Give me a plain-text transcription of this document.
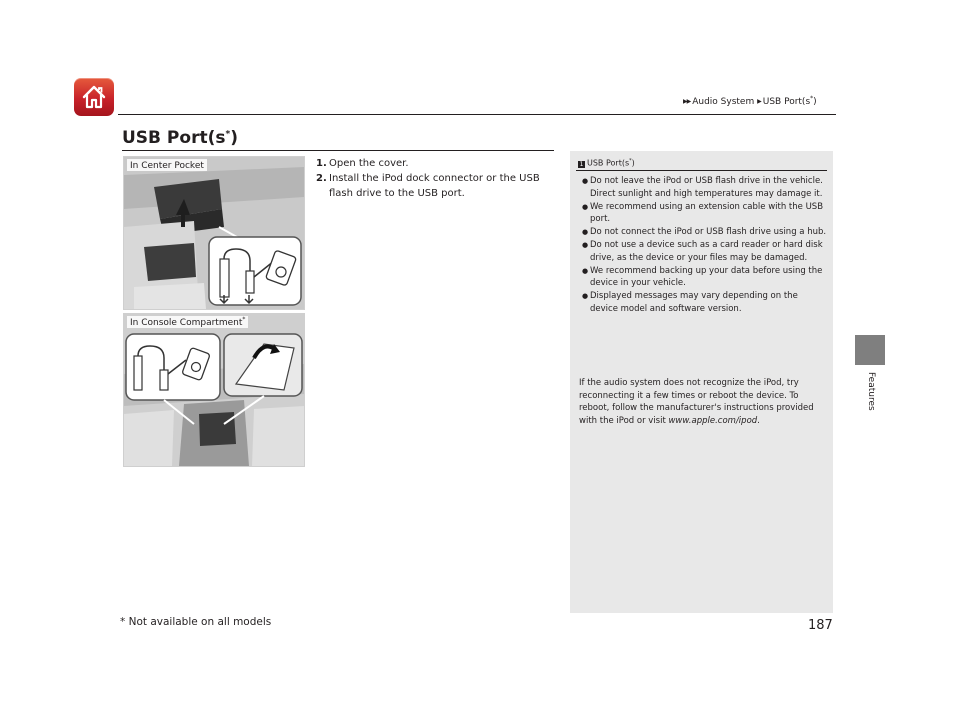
▶▶ Audio System ▶ USB Port(s*)
Features
USB Port(s*)
In Center Pocket
In Console Compartment*
1. Open the cover.
2. Install the iPod dock connector or the USB flash drive to the USB port.
1 USB Port(s*)
● Do not leave the iPod or USB flash drive in the vehicle. Direct sunlight and high temperatures may damage it.
● We recommend using an extension cable with the USB port.
● Do not connect the iPod or USB flash drive using a hub.
● Do not use a device such as a card reader or hard disk drive, as the device or your files may be damaged.
● We recommend backing up your data before using the device in your vehicle.
● Displayed messages may vary depending on the device model and software version.

If the audio system does not recognize the iPod, try reconnecting it a few times or reboot the device. To reboot, follow the manufacturer's instructions provided with the iPod or visit www.apple.com/ipod.

* Not available on all models	187
